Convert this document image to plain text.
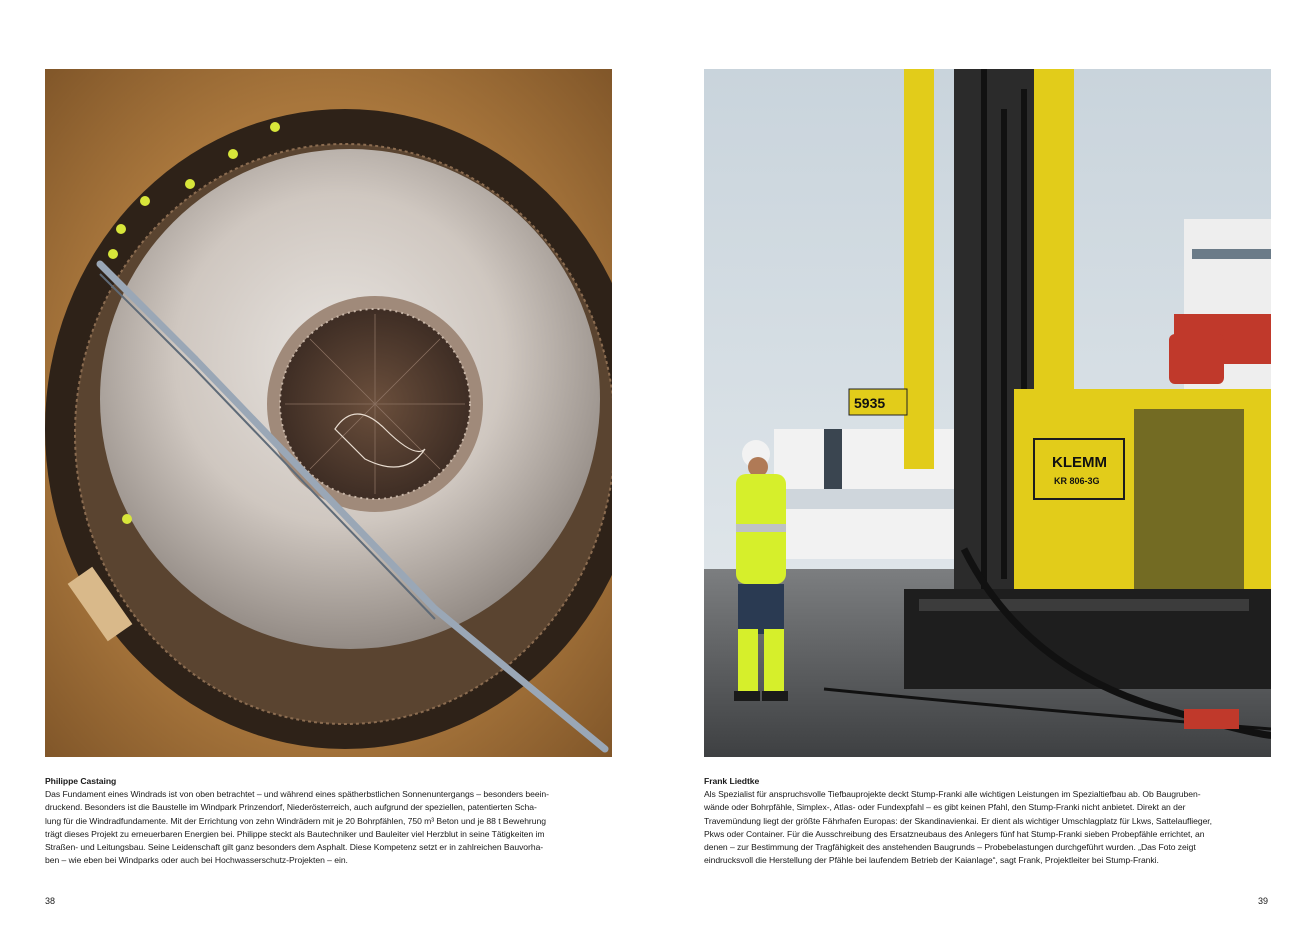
Philippe Castaing
Das Fundament eines Windrads ist von oben betrachtet – und während eines spätherbstlichen Sonnenuntergangs – besonders beein-
druckend. Besonders ist die Baustelle im Windpark Prinzendorf, Niederösterreich, auch aufgrund der speziellen, patentierten Scha-
lung für die Windradfundamente. Mit der Errichtung von zehn Windrädern mit je 20 Bohrpfählen, 750 m³ Beton und je 88 t Bewehrung
trägt dieses Projekt zu erneuerbaren Energien bei. Philippe steckt als Bautechniker und Bauleiter viel Herzblut in seine Tätigkeiten im
Straßen- und Leitungsbau. Seine Leidenschaft gilt ganz besonders dem Asphalt. Diese Kompetenz setzt er in zahlreichen Bauvorha-
ben – wie eben bei Windparks oder auch bei Hochwasserschutz-Projekten – ein.
38
KLEMM
KR 806-3G
5935
Frank Liedtke
Als Spezialist für anspruchsvolle Tiefbauprojekte deckt Stump-Franki alle wichtigen Leistungen im Spezialtiefbau ab. Ob Baugruben-
wände oder Bohrpfähle, Simplex-, Atlas- oder Fundexpfahl – es gibt keinen Pfahl, den Stump-Franki nicht anbietet. Direkt an der
Travemündung liegt der größte Fährhafen Europas: der Skandinavienkai. Er dient als wichtiger Umschlagplatz für Lkws, Sattelauflieger,
Pkws oder Container. Für die Ausschreibung des Ersatzneubaus des Anlegers fünf hat Stump-Franki sieben Probepfähle errichtet, an
denen – zur Bestimmung der Tragfähigkeit des anstehenden Baugrunds – Probebelastungen durchgeführt wurden. „Das Foto zeigt
eindrucksvoll die Herstellung der Pfähle bei laufendem Betrieb der Kaianlage“, sagt Frank, Projektleiter bei Stump-Franki.
39
